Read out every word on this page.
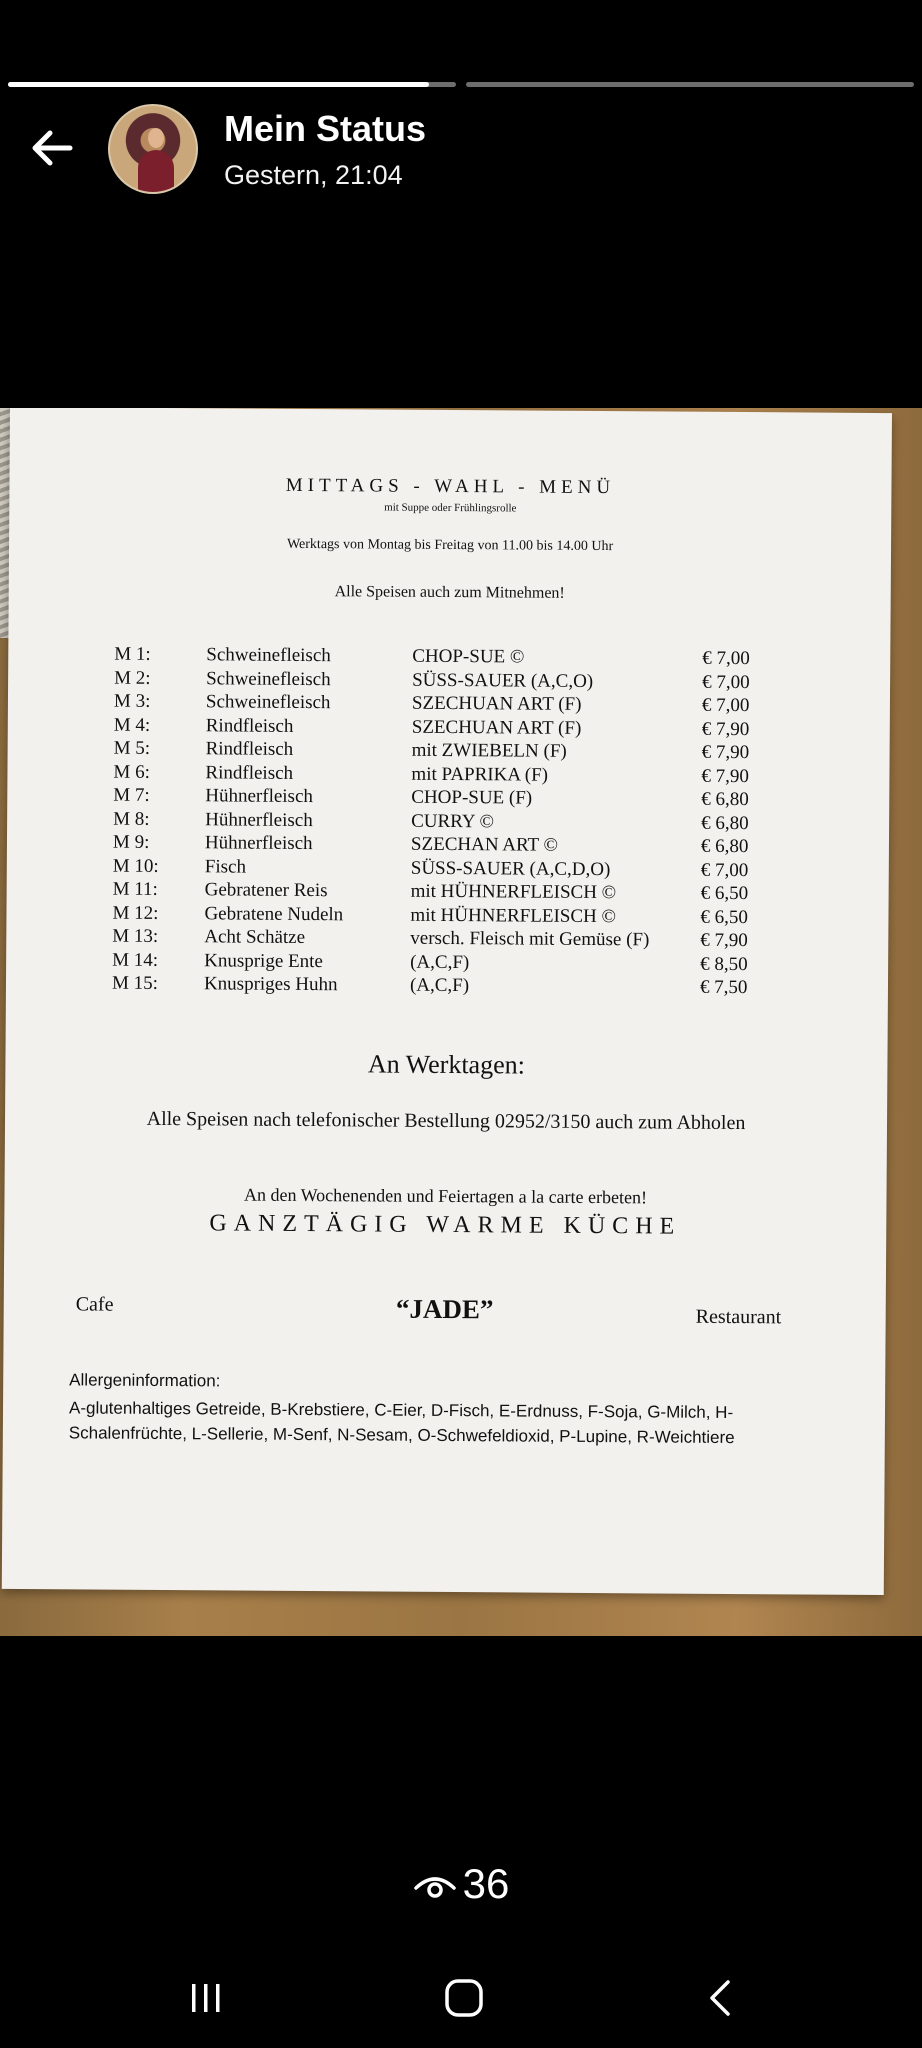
Mein Status
Gestern, 21:04
MITTAGS - WAHL - MENÜ
mit Suppe oder Frühlingsrolle
Werktags von Montag bis Freitag von 11.00 bis 14.00 Uhr
Alle Speisen auch zum Mitnehmen!
M 1:	Schweinefleisch	CHOP-SUE ©	€ 7,00
M 2:	Schweinefleisch	SÜSS-SAUER (A,C,O)	€ 7,00
M 3:	Schweinefleisch	SZECHUAN ART (F)	€ 7,00
M 4:	Rindfleisch	SZECHUAN ART (F)	€ 7,90
M 5:	Rindfleisch	mit ZWIEBELN (F)	€ 7,90
M 6:	Rindfleisch	mit PAPRIKA (F)	€ 7,90
M 7:	Hühnerfleisch	CHOP-SUE (F)	€ 6,80
M 8:	Hühnerfleisch	CURRY ©	€ 6,80
M 9:	Hühnerfleisch	SZECHAN ART ©	€ 6,80
M 10: Fisch	SÜSS-SAUER (A,C,D,O)	€ 7,00
M 11: Gebratener Reis	mit HÜHNERFLEISCH ©	€ 6,50
M 12: Gebratene Nudeln	mit HÜHNERFLEISCH ©	€ 6,50
M 13: Acht Schätze	versch. Fleisch mit Gemüse (F)	€ 7,90
M 14: Knusprige Ente	(A,C,F)	€ 8,50
M 15: Knuspriges Huhn	(A,C,F)	€ 7,50
An Werktagen:
Alle Speisen nach telefonischer Bestellung 02952/3150 auch zum Abholen
An den Wochenenden und Feiertagen a la carte erbeten!
GANZTÄGIG WARME KÜCHE
Cafe	“JADE”	Restaurant
Allergeninformation:
A-glutenhaltiges Getreide, B-Krebstiere, C-Eier, D-Fisch, E-Erdnuss, F-Soja, G-Milch, H-Schalenfrüchte, L-Sellerie, M-Senf, N-Sesam, O-Schwefeldioxid, P-Lupine, R-Weichtiere
36
